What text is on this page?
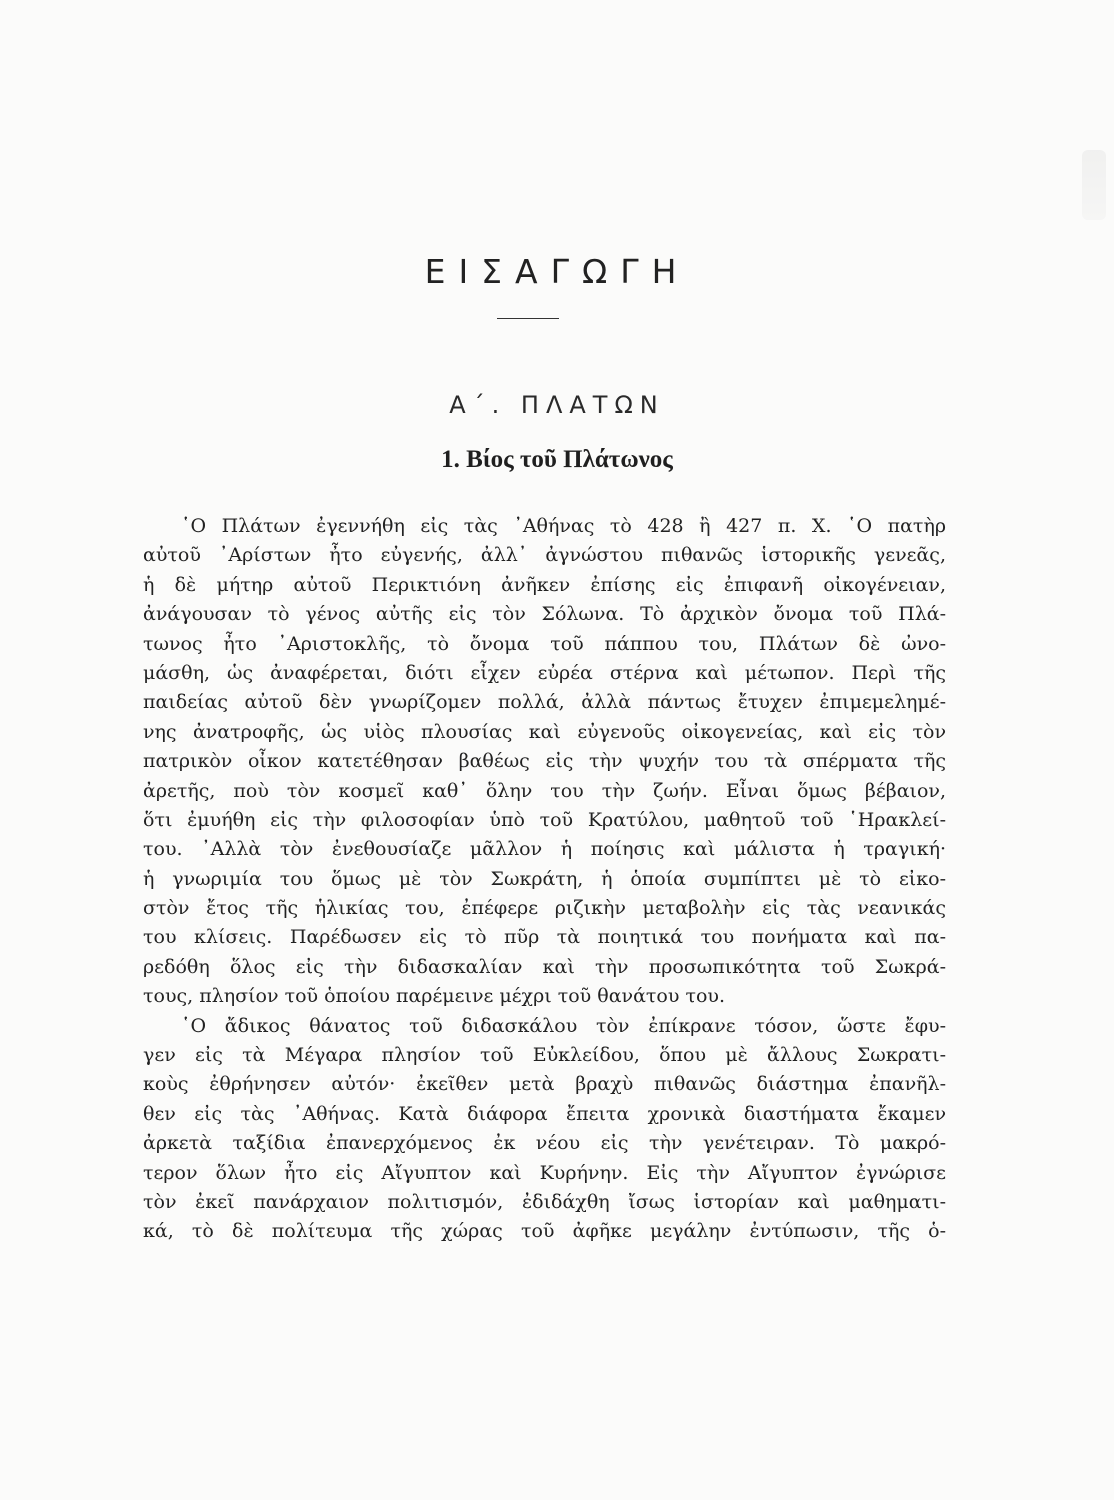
ΕΙΣΑΓΩΓΗ
Α΄. ΠΛΑΤΩΝ
1. Βίος τοῦ Πλάτωνος
῾Ο Πλάτων ἐγεννήθη εἰς τὰς ᾽Αθήνας τὸ 428 ἢ 427 π. Χ. ῾Ο πατὴρ
αὐτοῦ ᾽Αρίστων ἦτο εὐγενής, ἀλλ᾽ ἀγνώστου πιθανῶς ἱστορικῆς γενεᾶς,
ἡ δὲ μήτηρ αὐτοῦ Περικτιόνη ἀνῆκεν ἐπίσης εἰς ἐπιφανῆ οἰκογένειαν,
ἀνάγουσαν τὸ γένος αὐτῆς εἰς τὸν Σόλωνα. Τὸ ἀρχικὸν ὄνομα τοῦ Πλά-
τωνος ἦτο ᾽Αριστοκλῆς, τὸ ὄνομα τοῦ πάππου του, Πλάτων δὲ ὠνο-
μάσθη, ὡς ἀναφέρεται, διότι εἶχεν εὐρέα στέρνα καὶ μέτωπον. Περὶ τῆς
παιδείας αὐτοῦ δὲν γνωρίζομεν πολλά, ἀλλὰ πάντως ἔτυχεν ἐπιμεμελημέ-
νης ἀνατροφῆς, ὡς υἱὸς πλουσίας καὶ εὐγενοῦς οἰκογενείας, καὶ εἰς τὸν
πατρικὸν οἶκον κατετέθησαν βαθέως εἰς τὴν ψυχήν του τὰ σπέρματα τῆς
ἀρετῆς, ποὺ τὸν κοσμεῖ καθ᾽ ὅλην του τὴν ζωήν. Εἶναι ὅμως βέβαιον,
ὅτι ἐμυήθη εἰς τὴν φιλοσοφίαν ὑπὸ τοῦ Κρατύλου, μαθητοῦ τοῦ ῾Ηρακλεί-
του. ᾽Αλλὰ τὸν ἐνεθουσίαζε μᾶλλον ἡ ποίησις καὶ μάλιστα ἡ τραγική·
ἡ γνωριμία του ὅμως μὲ τὸν Σωκράτη, ἡ ὁποία συμπίπτει μὲ τὸ εἰκο-
στὸν ἔτος τῆς ἡλικίας του, ἐπέφερε ριζικὴν μεταβολὴν εἰς τὰς νεανικάς
του κλίσεις. Παρέδωσεν εἰς τὸ πῦρ τὰ ποιητικά του πονήματα καὶ πα-
ρεδόθη ὅλος εἰς τὴν διδασκαλίαν καὶ τὴν προσωπικότητα τοῦ Σωκρά-
τους, πλησίον τοῦ ὁποίου παρέμεινε μέχρι τοῦ θανάτου του.
῾Ο ἄδικος θάνατος τοῦ διδασκάλου τὸν ἐπίκρανε τόσον, ὥστε ἔφυ-
γεν εἰς τὰ Μέγαρα πλησίον τοῦ Εὐκλείδου, ὅπου μὲ ἄλλους Σωκρατι-
κοὺς ἐθρήνησεν αὐτόν· ἐκεῖθεν μετὰ βραχὺ πιθανῶς διάστημα ἐπανῆλ-
θεν εἰς τὰς ᾽Αθήνας. Κατὰ διάφορα ἔπειτα χρονικὰ διαστήματα ἔκαμεν
ἀρκετὰ ταξίδια ἐπανερχόμενος ἐκ νέου εἰς τὴν γενέτειραν. Τὸ μακρό-
τερον ὅλων ἦτο εἰς Αἴγυπτον καὶ Κυρήνην. Εἰς τὴν Αἴγυπτον ἐγνώρισε
τὸν ἐκεῖ πανάρχαιον πολιτισμόν, ἐδιδάχθη ἴσως ἱστορίαν καὶ μαθηματι-
κά, τὸ δὲ πολίτευμα τῆς χώρας τοῦ ἀφῆκε μεγάλην ἐντύπωσιν, τῆς ὁ-
